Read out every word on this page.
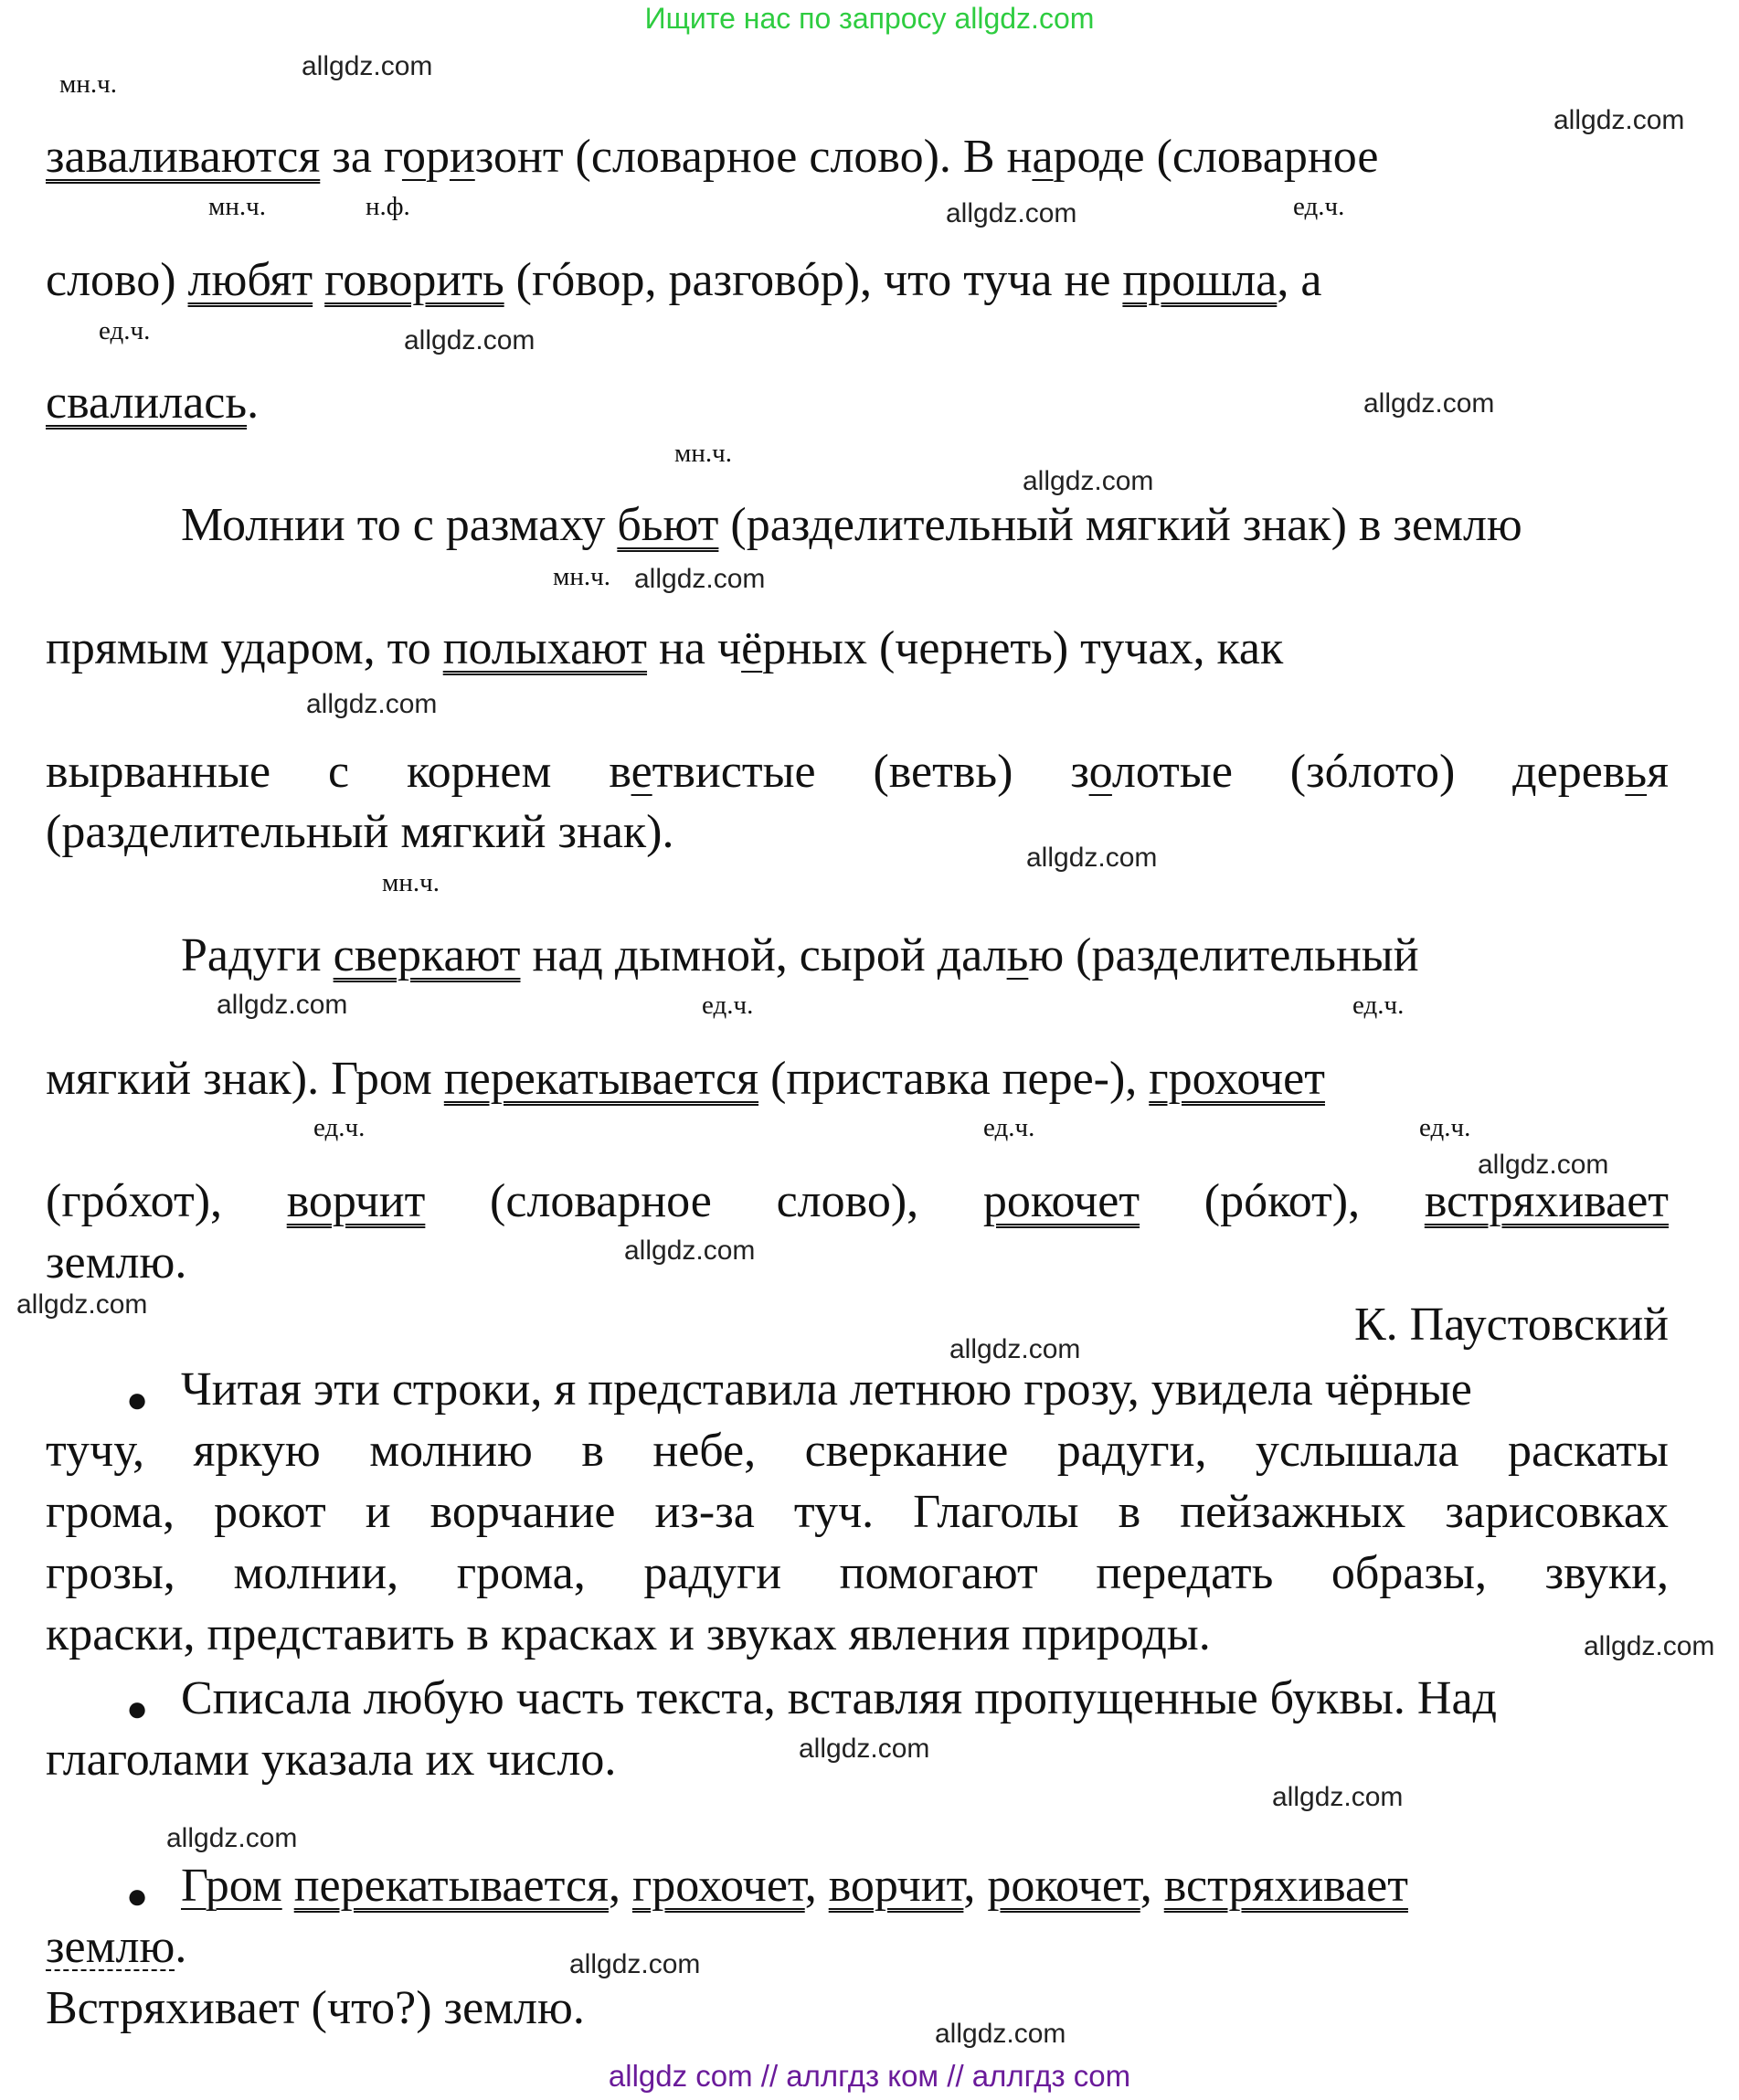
Ищите нас по запросу allgdz.com
мн.ч.
мн.ч.	н.ф.	ед.ч.
ед.ч.
мн.ч.
мн.ч.
мн.ч.
ед.ч.	ед.ч.
ед.ч.	ед.ч.	ед.ч.
заваливаются за горизонт (словарное слово). В народе (словарное
слово) любят говорить (гóвор, разговóр), что туча не прошла, а
свалилась.
Молнии то с размаху бьют (разделительный мягкий знак) в землю
прямым ударом, то полыхают на чёрных (чернеть) тучах, как
вырванные с корнем ветвистые (ветвь) золотые (зóлото) деревья
(разделительный мягкий знак).
Радуги сверкают над дымной, сырой далью (разделительный
мягкий знак). Гром перекатывается (приставка пере-), грохочет
(грóхот), ворчит (словарное слово), рокочет (рóкот), встряхивает
землю.
К. Паустовский
● Читая эти строки, я представила летнюю грозу, увидела чёрные
тучу, яркую молнию в небе, сверкание радуги, услышала раскаты
грома, рокот и ворчание из-за туч. Глаголы в пейзажных зарисовках
грозы, молнии, грома, радуги помогают передать образы, звуки,
краски, представить в красках и звуках явления природы.
● Списала любую часть текста, вставляя пропущенные буквы. Над
глаголами указала их число.
● Гром перекатывается, грохочет, ворчит, рокочет, встряхивает
землю.
Встряхивает (что?) землю.
allgdz.com
allgdz.com
allgdz.com
allgdz.com
allgdz.com
allgdz.com
allgdz.com
allgdz.com
allgdz.com
allgdz.com
allgdz.com
allgdz.com
allgdz.com
allgdz.com
allgdz.com
allgdz.com
allgdz.com
allgdz.com
allgdz.com
allgdz.com
allgdz com // аллгдз ком // аллгдз com
